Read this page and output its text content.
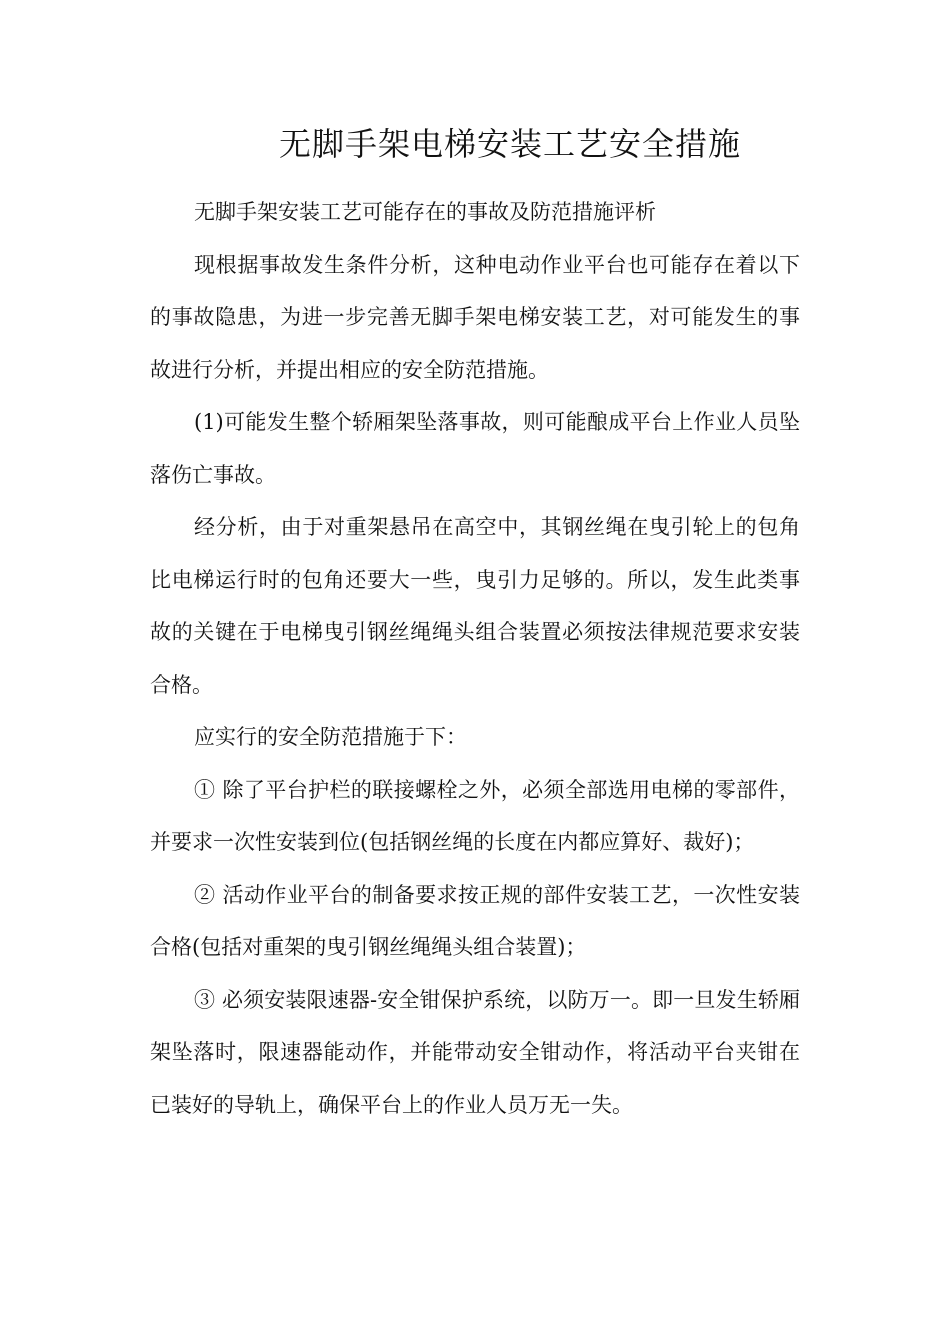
无脚手架电梯安装工艺安全措施

无脚手架安装工艺可能存在的事故及防范措施评析

现根据事故发生条件分析，这种电动作业平台也可能存在着以下的事故隐患，为进一步完善无脚手架电梯安装工艺，对可能发生的事故进行分析，并提出相应的安全防范措施。

(1)可能发生整个轿厢架坠落事故，则可能酿成平台上作业人员坠落伤亡事故。

经分析，由于对重架悬吊在高空中，其钢丝绳在曳引轮上的包角比电梯运行时的包角还要大一些，曳引力足够的。所以，发生此类事故的关键在于电梯曳引钢丝绳绳头组合装置必须按法律规范要求安装合格。

应实行的安全防范措施于下：

① 除了平台护栏的联接螺栓之外，必须全部选用电梯的零部件，并要求一次性安装到位(包括钢丝绳的长度在内都应算好、裁好)；

② 活动作业平台的制备要求按正规的部件安装工艺，一次性安装合格(包括对重架的曳引钢丝绳绳头组合装置)；

③ 必须安装限速器-安全钳保护系统，以防万一。即一旦发生轿厢架坠落时，限速器能动作，并能带动安全钳动作，将活动平台夹钳在已装好的导轨上，确保平台上的作业人员万无一失。
